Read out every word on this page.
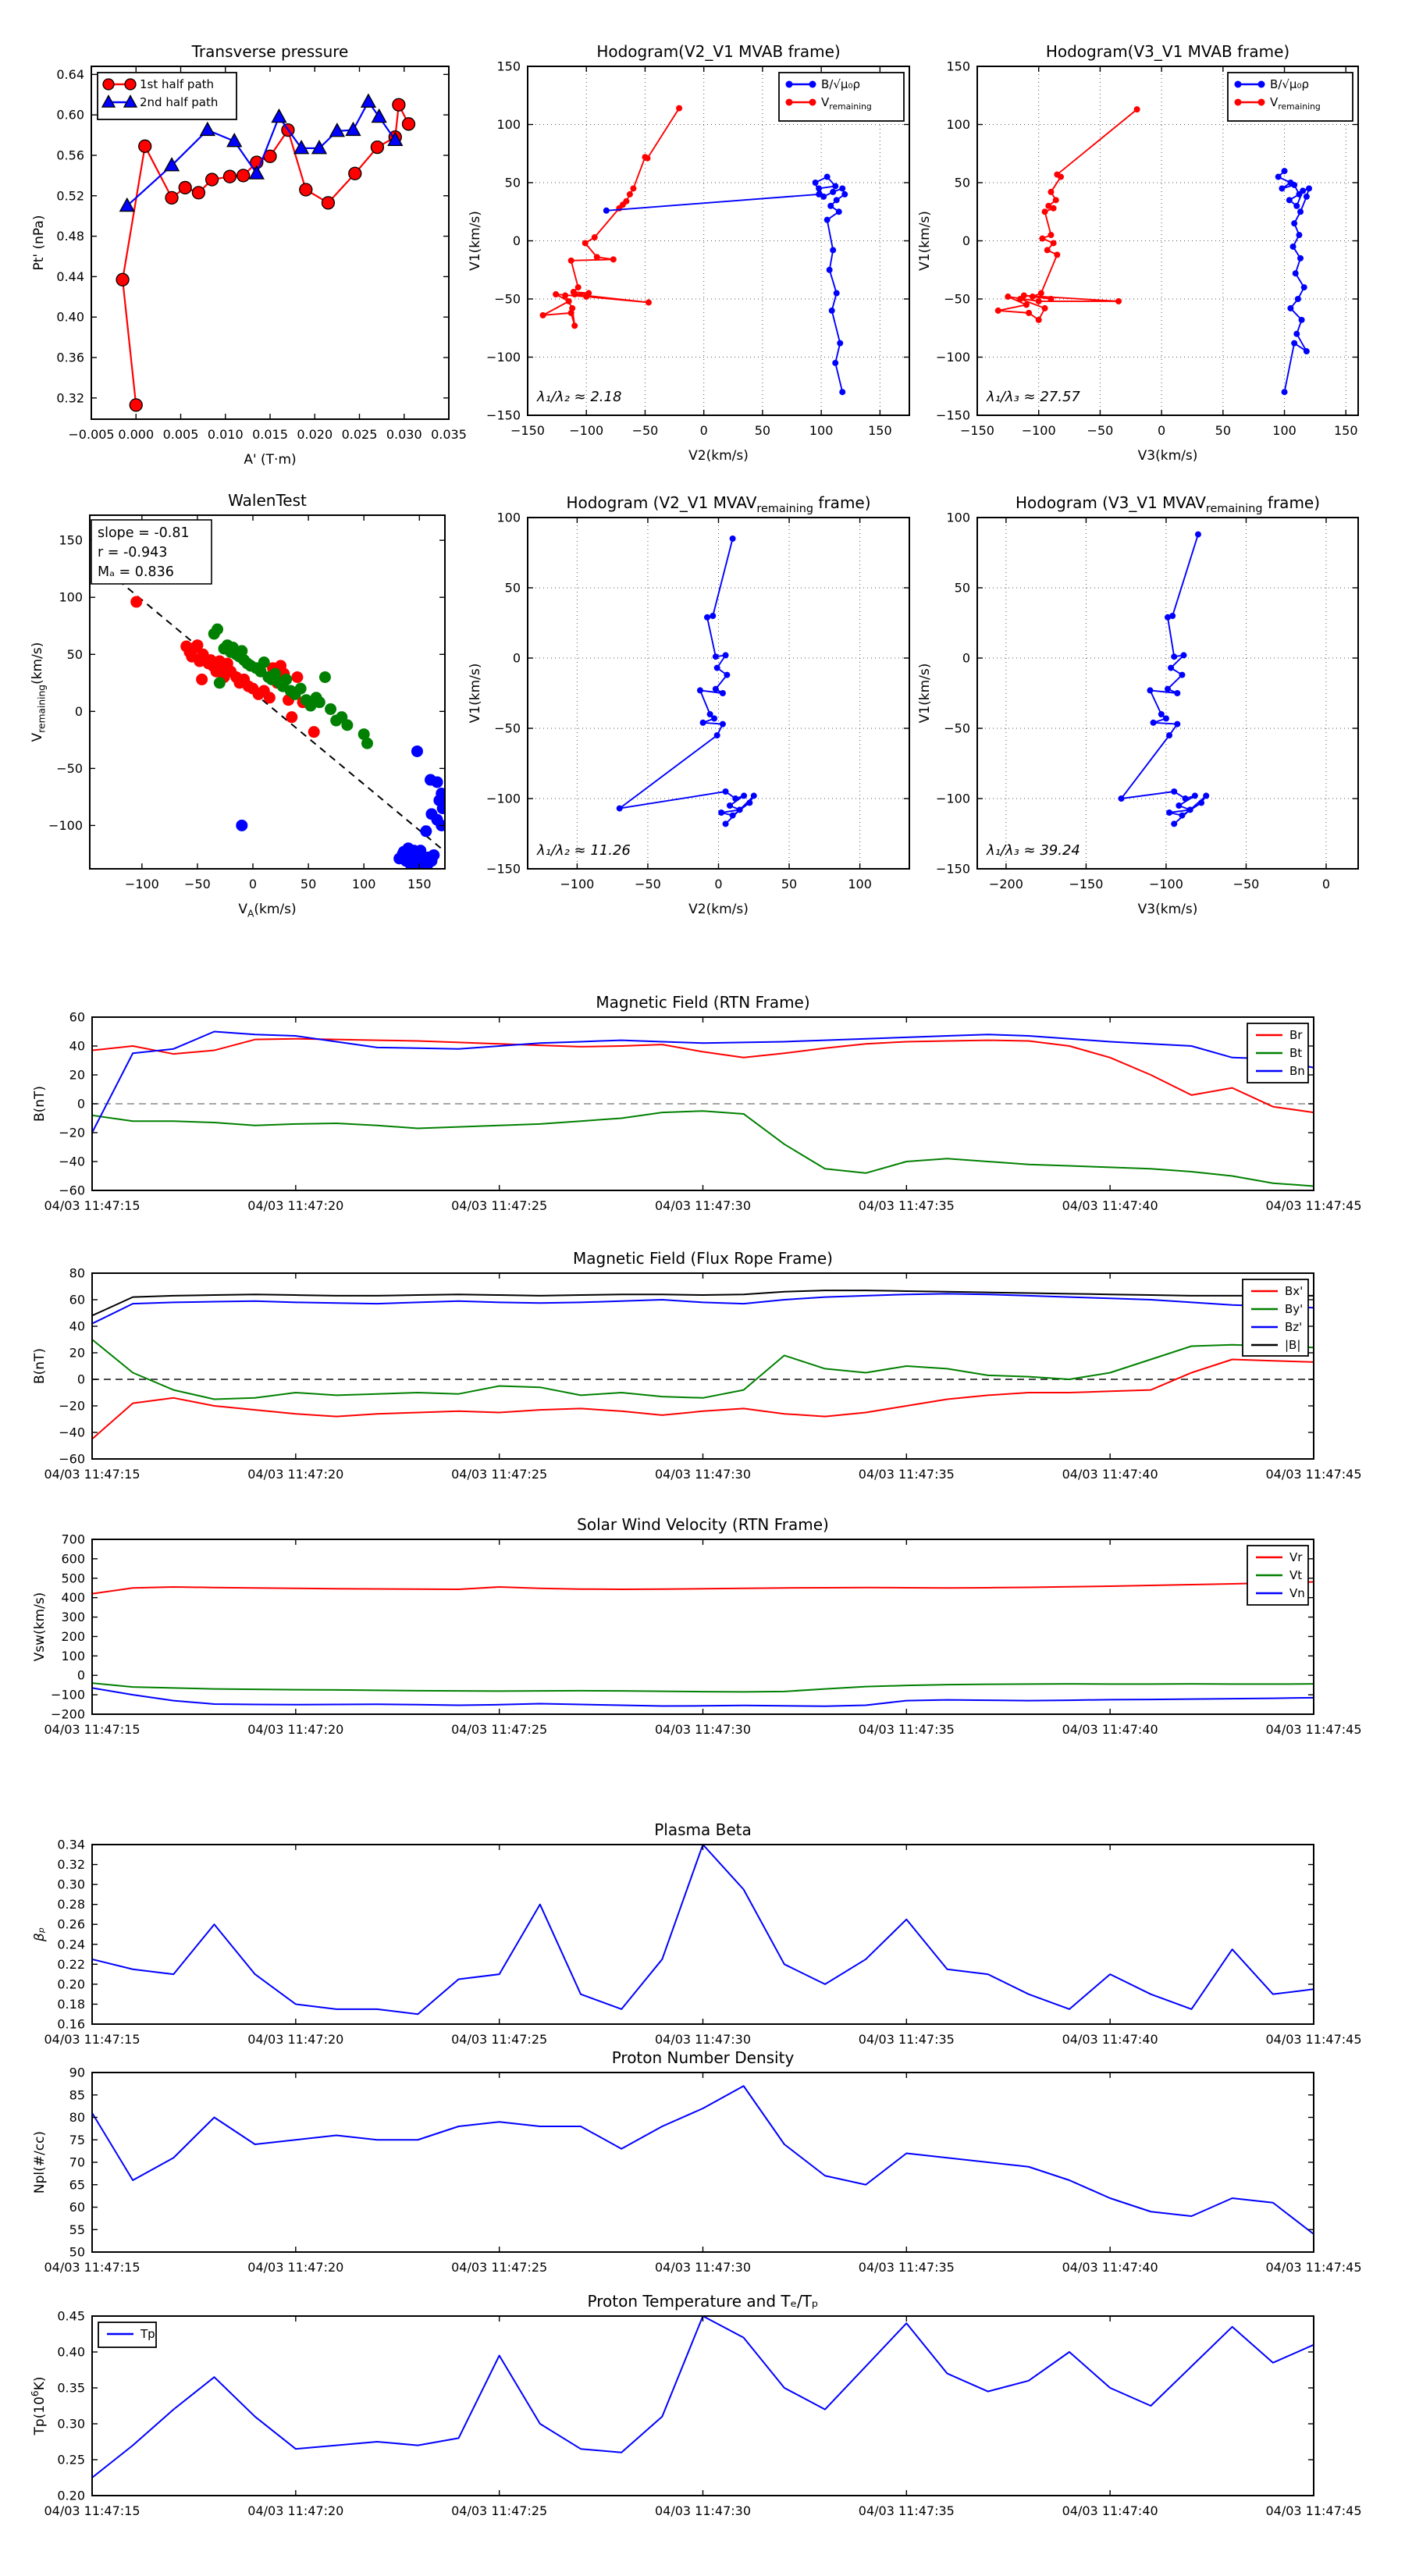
−0.005 0.000 0.005 0.010 0.015 0.020 0.025 0.030 0.035
0.32
0.36
0.40
0.44
0.48
0.52
0.56
0.60
0.64
Transverse pressure
A' (T·m)
Pt' (nPa)
1st half path
2nd half path
−150 −100 −50	0	50	100	150
−150
−100
−50
0
50
100
150
Hodogram(V2_V1 MVAB frame)
V2(km/s)
V1(km/s)
B/√μ₀ρ
$V_{remaining}$
λ₁/λ₂ ≈ 2.18
−150 −100 −50	0	50	100	150
−150
−100
−50
0
50
100
150
Hodogram(V3_V1 MVAB frame)
V3(km/s)
V1(km/s)
B/√μ₀ρ
$V_{remaining}$
λ₁/λ₃ ≈ 27.57
−100 −50	0	50	100	150
−100
−50
0
50
100
150
WalenTest
$V_A(km/s)$
$V_{remaining}(km/s)$
slope = -0.81
r = -0.943
Mₐ = 0.836
−100	−50	0	50	100
−150
−100
−50
0
50
100
Hodogram (V2_V1 $MVAV_{remaining}$ frame)
V2(km/s)
V1(km/s)
λ₁/λ₂ ≈ 11.26
−200	−150	−100	−50	0
−150
−100
−50
0
50
100
Hodogram (V3_V1 $MVAV_{remaining}$ frame)
V3(km/s)
V1(km/s)
λ₁/λ₃ ≈ 39.24
04/03 11:47:15	04/03 11:47:20	04/03 11:47:25	04/03 11:47:30	04/03 11:47:35	04/03 11:47:40	04/03 11:47:45
−60
−40
−20
0
20
40
60
Magnetic Field (RTN Frame)
B(nT)
Br
Bt
Bn
04/03 11:47:15	04/03 11:47:20	04/03 11:47:25	04/03 11:47:30	04/03 11:47:35	04/03 11:47:40	04/03 11:47:45
−60
−40
−20
0
20
40
60
80
Magnetic Field (Flux Rope Frame)
B(nT)
Bx'
By'
Bz'
|B|
04/03 11:47:15	04/03 11:47:20	04/03 11:47:25	04/03 11:47:30	04/03 11:47:35	04/03 11:47:40	04/03 11:47:45
−200
−100
0
100
200
300
400
500
600
700
Solar Wind Velocity (RTN Frame)
Vsw(km/s)
Vr
Vt
Vn
04/03 11:47:15	04/03 11:47:20	04/03 11:47:25	04/03 11:47:30	04/03 11:47:35	04/03 11:47:40	04/03 11:47:45
0.16
0.18
0.20
0.22
0.24
0.26
0.28
0.30
0.32
0.34
Plasma Beta
βₚ
04/03 11:47:15	04/03 11:47:20	04/03 11:47:25	04/03 11:47:30	04/03 11:47:35	04/03 11:47:40	04/03 11:47:45
50
55
60
65
70
75
80
85
90
Proton Number Density
Npl(#/cc)
04/03 11:47:15	04/03 11:47:20	04/03 11:47:25	04/03 11:47:30	04/03 11:47:35	04/03 11:47:40	04/03 11:47:45
0.20
0.25
0.30
0.35
0.40
0.45
Proton Temperature and Tₑ/Tₚ
$Tp(10^6K)$
Tp
